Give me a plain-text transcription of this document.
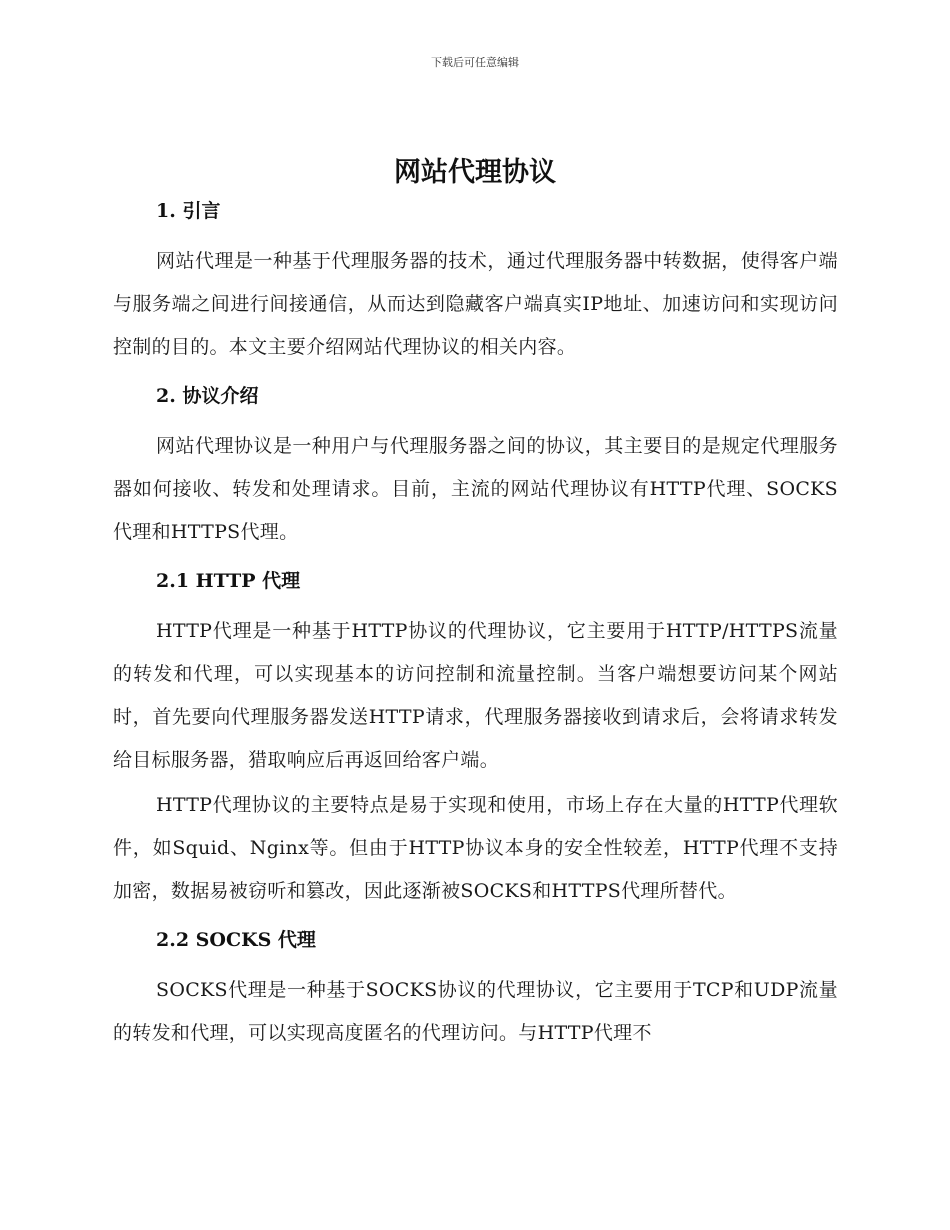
下载后可任意编辑
网站代理协议
1. 引言

网站代理是一种基于代理服务器的技术，通过代理服务器中转数据，使得客户端与服务端之间进行间接通信，从而达到隐藏客户端真实IP地址、加速访问和实现访问控制的目的。本文主要介绍网站代理协议的相关内容。

2. 协议介绍

网站代理协议是一种用户与代理服务器之间的协议，其主要目的是规定代理服务器如何接收、转发和处理请求。目前，主流的网站代理协议有HTTP代理、SOCKS代理和HTTPS代理。

2.1 HTTP 代理

HTTP代理是一种基于HTTP协议的代理协议，它主要用于HTTP/HTTPS流量的转发和代理，可以实现基本的访问控制和流量控制。当客户端想要访问某个网站时，首先要向代理服务器发送HTTP请求，代理服务器接收到请求后，会将请求转发给目标服务器，猎取响应后再返回给客户端。

HTTP代理协议的主要特点是易于实现和使用，市场上存在大量的HTTP代理软件，如Squid、Nginx等。但由于HTTP协议本身的安全性较差，HTTP代理不支持加密，数据易被窃听和篡改，因此逐渐被SOCKS和HTTPS代理所替代。

2.2 SOCKS 代理

SOCKS代理是一种基于SOCKS协议的代理协议，它主要用于TCP和UDP流量的转发和代理，可以实现高度匿名的代理访问。与HTTP代理不
